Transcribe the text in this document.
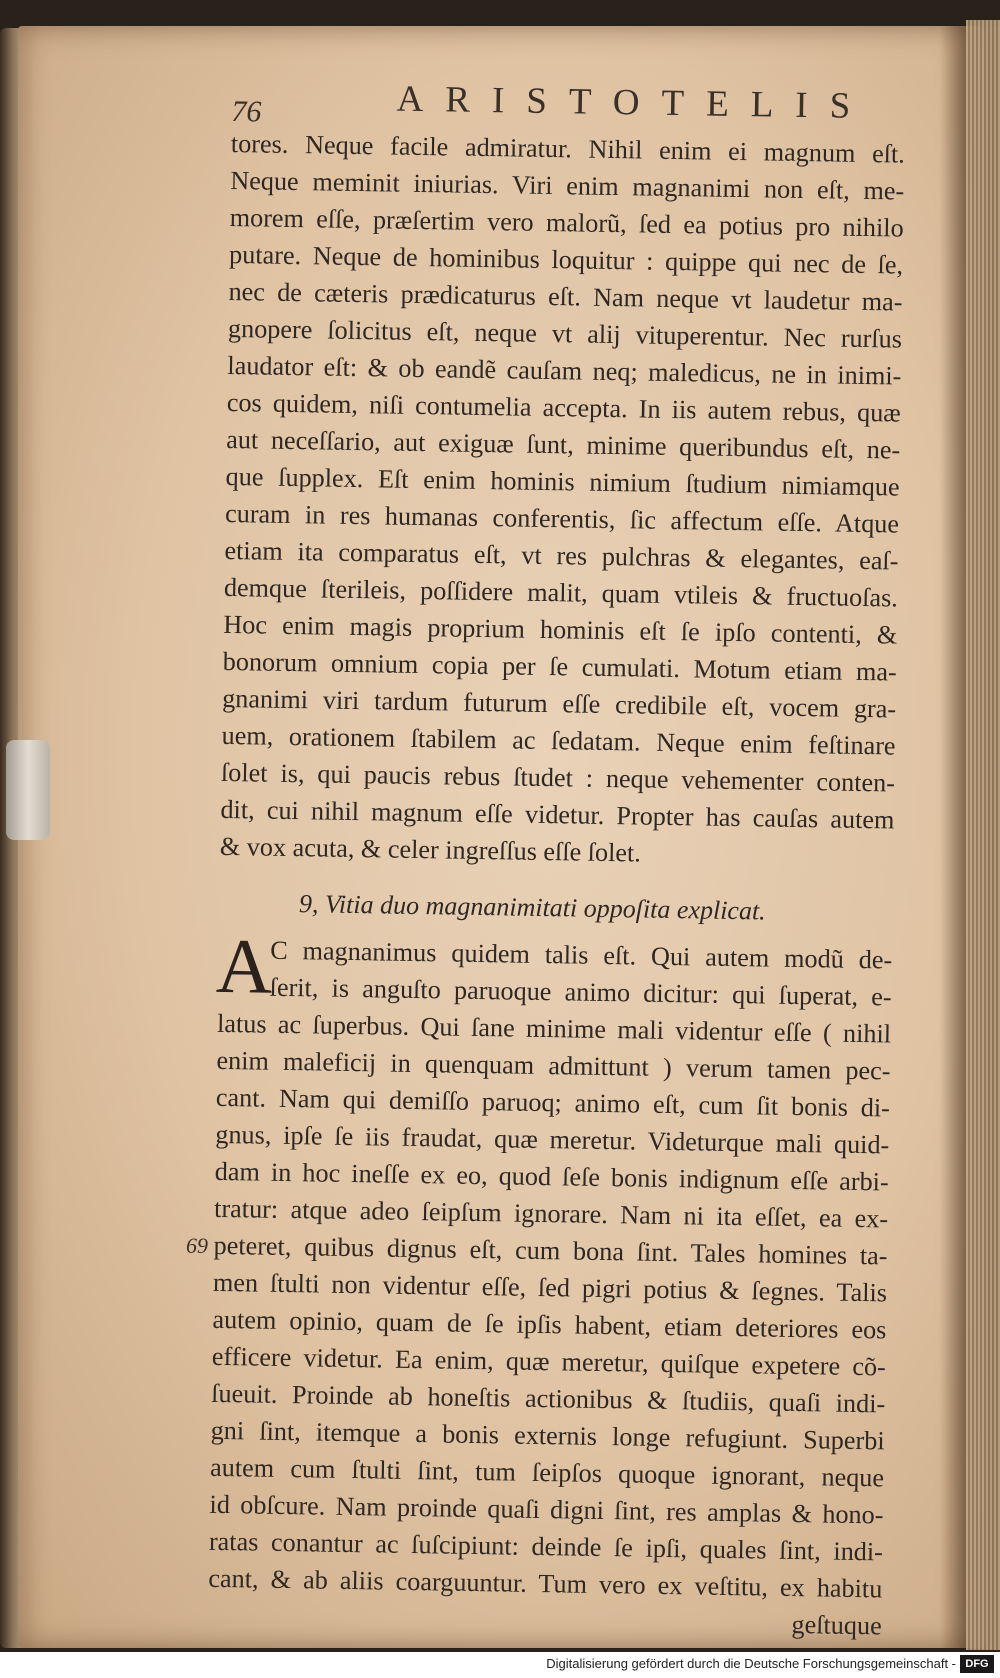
69
76	ARISTOTELIS
tores. Neque facile admiratur. Nihil enim ei magnum eſt.
Neque meminit iniurias. Viri enim magnanimi non eſt, me-
morem eſſe, præſertim vero malorũ, ſed ea potius pro nihilo
putare. Neque de hominibus loquitur : quippe qui nec de ſe,
nec de cæteris prædicaturus eſt. Nam neque vt laudetur ma-
gnopere ſolicitus eſt, neque vt alij vituperentur. Nec rurſus
laudator eſt: & ob eandẽ cauſam neq; maledicus, ne in inimi-
cos quidem, niſi contumelia accepta. In iis autem rebus, quæ
aut neceſſario, aut exiguæ ſunt, minime queribundus eſt, ne-
que ſupplex. Eſt enim hominis nimium ſtudium nimiamque
curam in res humanas conferentis, ſic affectum eſſe. Atque
etiam ita comparatus eſt, vt res pulchras & elegantes, eaſ-
demque ſterileis, poſſidere malit, quam vtileis & fructuoſas.
Hoc enim magis proprium hominis eſt ſe ipſo contenti, &
bonorum omnium copia per ſe cumulati. Motum etiam ma-
gnanimi viri tardum futurum eſſe credibile eſt, vocem gra-
uem, orationem ſtabilem ac ſedatam. Neque enim feſtinare
ſolet is, qui paucis rebus ſtudet : neque vehementer conten-
dit, cui nihil magnum eſſe videtur. Propter has cauſas autem
& vox acuta, & celer ingreſſus eſſe ſolet.
9, Vitia duo magnanimitati oppoſita explicat.
A
C magnanimus quidem talis eſt. Qui autem modũ de-
ſerit, is anguſto paruoque animo dicitur: qui ſuperat, e-
latus ac ſuperbus. Qui ſane minime mali videntur eſſe ( nihil
enim maleficij in quenquam admittunt ) verum tamen pec-
cant. Nam qui demiſſo paruoq; animo eſt, cum ſit bonis di-
gnus, ipſe ſe iis fraudat, quæ meretur. Videturque mali quid-
dam in hoc ineſſe ex eo, quod ſeſe bonis indignum eſſe arbi-
tratur: atque adeo ſeipſum ignorare. Nam ni ita eſſet, ea ex-
peteret, quibus dignus eſt, cum bona ſint. Tales homines ta-
men ſtulti non videntur eſſe, ſed pigri potius & ſegnes. Talis
autem opinio, quam de ſe ipſis habent, etiam deteriores eos
efficere videtur. Ea enim, quæ meretur, quiſque expetere cõ-
ſueuit. Proinde ab honeſtis actionibus & ſtudiis, quaſi indi-
gni ſint, itemque a bonis externis longe refugiunt. Superbi
autem cum ſtulti ſint, tum ſeipſos quoque ignorant, neque
id obſcure. Nam proinde quaſi digni ſint, res amplas & hono-
ratas conantur ac ſuſcipiunt: deinde ſe ipſi, quales ſint, indi-
cant, & ab aliis coarguuntur. Tum vero ex veſtitu, ex habitu
geſtuque
Digitalisierung gefördert durch die Deutsche Forschungsgemeinschaft - DFG
